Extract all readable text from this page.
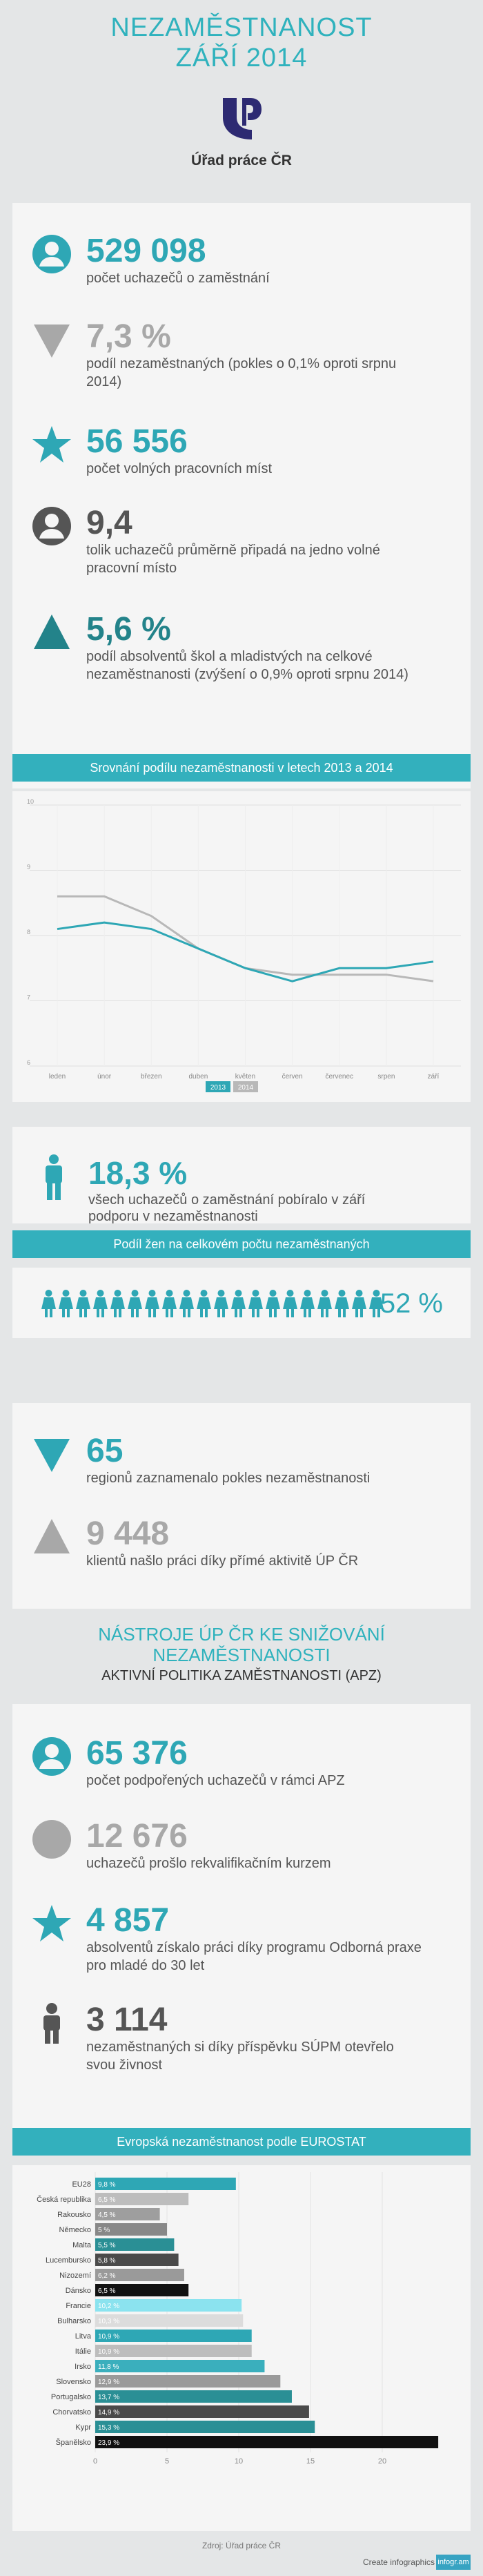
NEZAMĚSTNANOST
ZÁŘÍ 2014
Úřad práce ČR
529 098
počet uchazečů o zaměstnání
7,3 %
podíl nezaměstnaných (pokles o 0,1% oproti srpnu 2014)
56 556
počet volných pracovních míst
9,4
tolik uchazečů průměrně připadá na jedno volné pracovní místo
5,6 %
podíl absolventů škol a mladistvých na celkové nezaměstnanosti (zvýšení o 0,9% oproti srpnu 2014)
Srovnání podílu nezaměstnanosti v letech 2013 a 2014
6
7
8
9
10
leden	únor	březen	duben	květen	červen	červenec	srpen	září
2013 2014
18,3 %
všech uchazečů o zaměstnání pobíralo v září podporu v nezaměstnanosti
Podíl žen na celkovém počtu nezaměstnaných
52 %
65
regionů zaznamenalo pokles nezaměstnanosti
9 448
klientů našlo práci díky přímé aktivitě ÚP ČR
NÁSTROJE ÚP ČR KE SNIŽOVÁNÍ
NEZAMĚSTNANOSTI
AKTIVNÍ POLITIKA ZAMĚSTNANOSTI (APZ)
65 376
počet podpořených uchazečů v rámci APZ
12 676
uchazečů prošlo rekvalifikačním kurzem
4 857
absolventů získalo práci díky programu Odborná praxe pro mladé do 30 let
3 114
nezaměstnaných si díky příspěvku SÚPM otevřelo svou živnost
Evropská nezaměstnanost podle EUROSTAT
0	5	10	15	20
EU28 9,8 %
Česká republika 6,5 %
Rakousko 4,5 %
Německo 5 %
Malta 5,5 %
Lucembursko 5,8 %
Nizozemí 6,2 %
Dánsko 6,5 %
Francie 10,2 %
Bulharsko 10,3 %
Litva 10,9 %
Itálie 10,9 %
Irsko 11,8 %
Slovensko 12,9 %
Portugalsko 13,7 %
Chorvatsko 14,9 %
Kypr 15,3 %
Španělsko 23,9 %
Zdroj: Úřad práce ČR
Create infographics infogr.am
